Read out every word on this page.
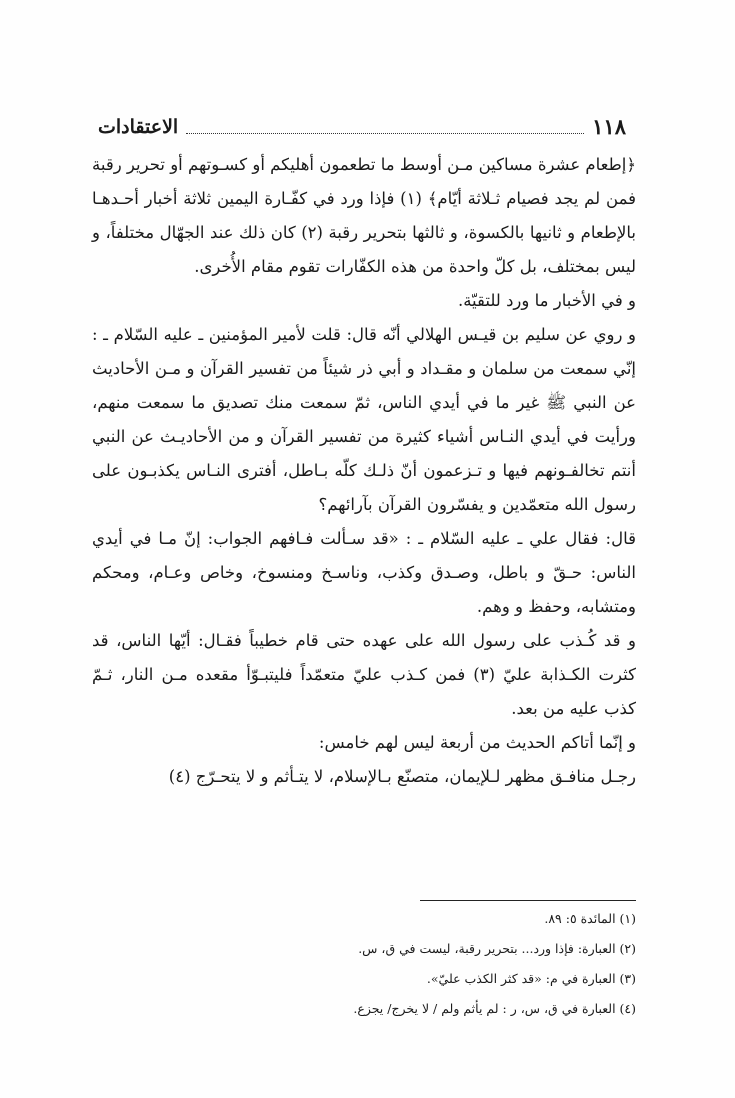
١١٨
الاعتقادات

﴿إطعام عشرة مساكين مـن أوسط ما تطعمون أهليكم أو كسـوتهم أو تحرير رقبة فمن لم يجد فصيام ثـلاثة أيّام﴾ (١) فإذا ورد في كفّـارة اليمين ثلاثة أخبار أحـدهـا بالإطعام و ثانيها بالكسوة، و ثالثها بتحرير رقبة (٢) كان ذلك عند الجهّال مختلفاً، و ليس بمختلف، بل كلّ واحدة من هذه الكفّارات تقوم مقام الأُخرى.

و في الأخبار ما ورد للتقيّة.

و روي عن سليم بن قيـس الهلالي أنّه قال: قلت لأمير المؤمنين ـ عليه السّلام ـ : إنّي سمعت من سلمان و مقـداد و أبي ذر شيئاً من تفسير القرآن و مـن الأحاديث عن النبي ﷺ غير ما في أيدي الناس، ثمّ سمعت منك تصديق ما سمعت منهم، ورأيت في أيدي النـاس أشياء كثيرة من تفسير القرآن و من الأحاديـث عن النبي أنتم تخالفـونهم فيها و تـزعمون أنّ ذلـك كلّه بـاطل، أفترى النـاس يكذبـون على رسول الله متعمّدين و يفسّرون القرآن بآرائهم؟

قال: فقال علي ـ عليه السّلام ـ : «قد سـألت فـافهم الجواب: إنّ مـا في أيدي الناس: حـقّ و باطل، وصـدق وكذب، وناسـخ ومنسوخ، وخاص وعـام، ومحكم ومتشابه، وحفظ و وهم.

و قد كُـذب على رسول الله على عهده حتى قام خطيباً فقـال: أيّها الناس، قد كثرت الكـذابة عليّ (٣) فمن كـذب عليّ متعمّداً فليتبـوّأ مقعده مـن النار، ثـمّ كذب عليه من بعد.

و إنّما أتاكم الحديث من أربعة ليس لهم خامس:

رجـل منافـق مظهر لـلإيمان، متصنّع بـالإسلام، لا يتـأثم و لا يتحـرّج (٤)

(١) المائدة ٥: ٨٩.

(٢) العبارة: فإذا ورد... بتحرير رقبة، ليست في ق، س.

(٣) العبارة في م: «قد كثر الكذب عليّ».

(٤) العبارة في ق، س، ر : لم يأثم ولم / لا يخرج/ يجزع.
